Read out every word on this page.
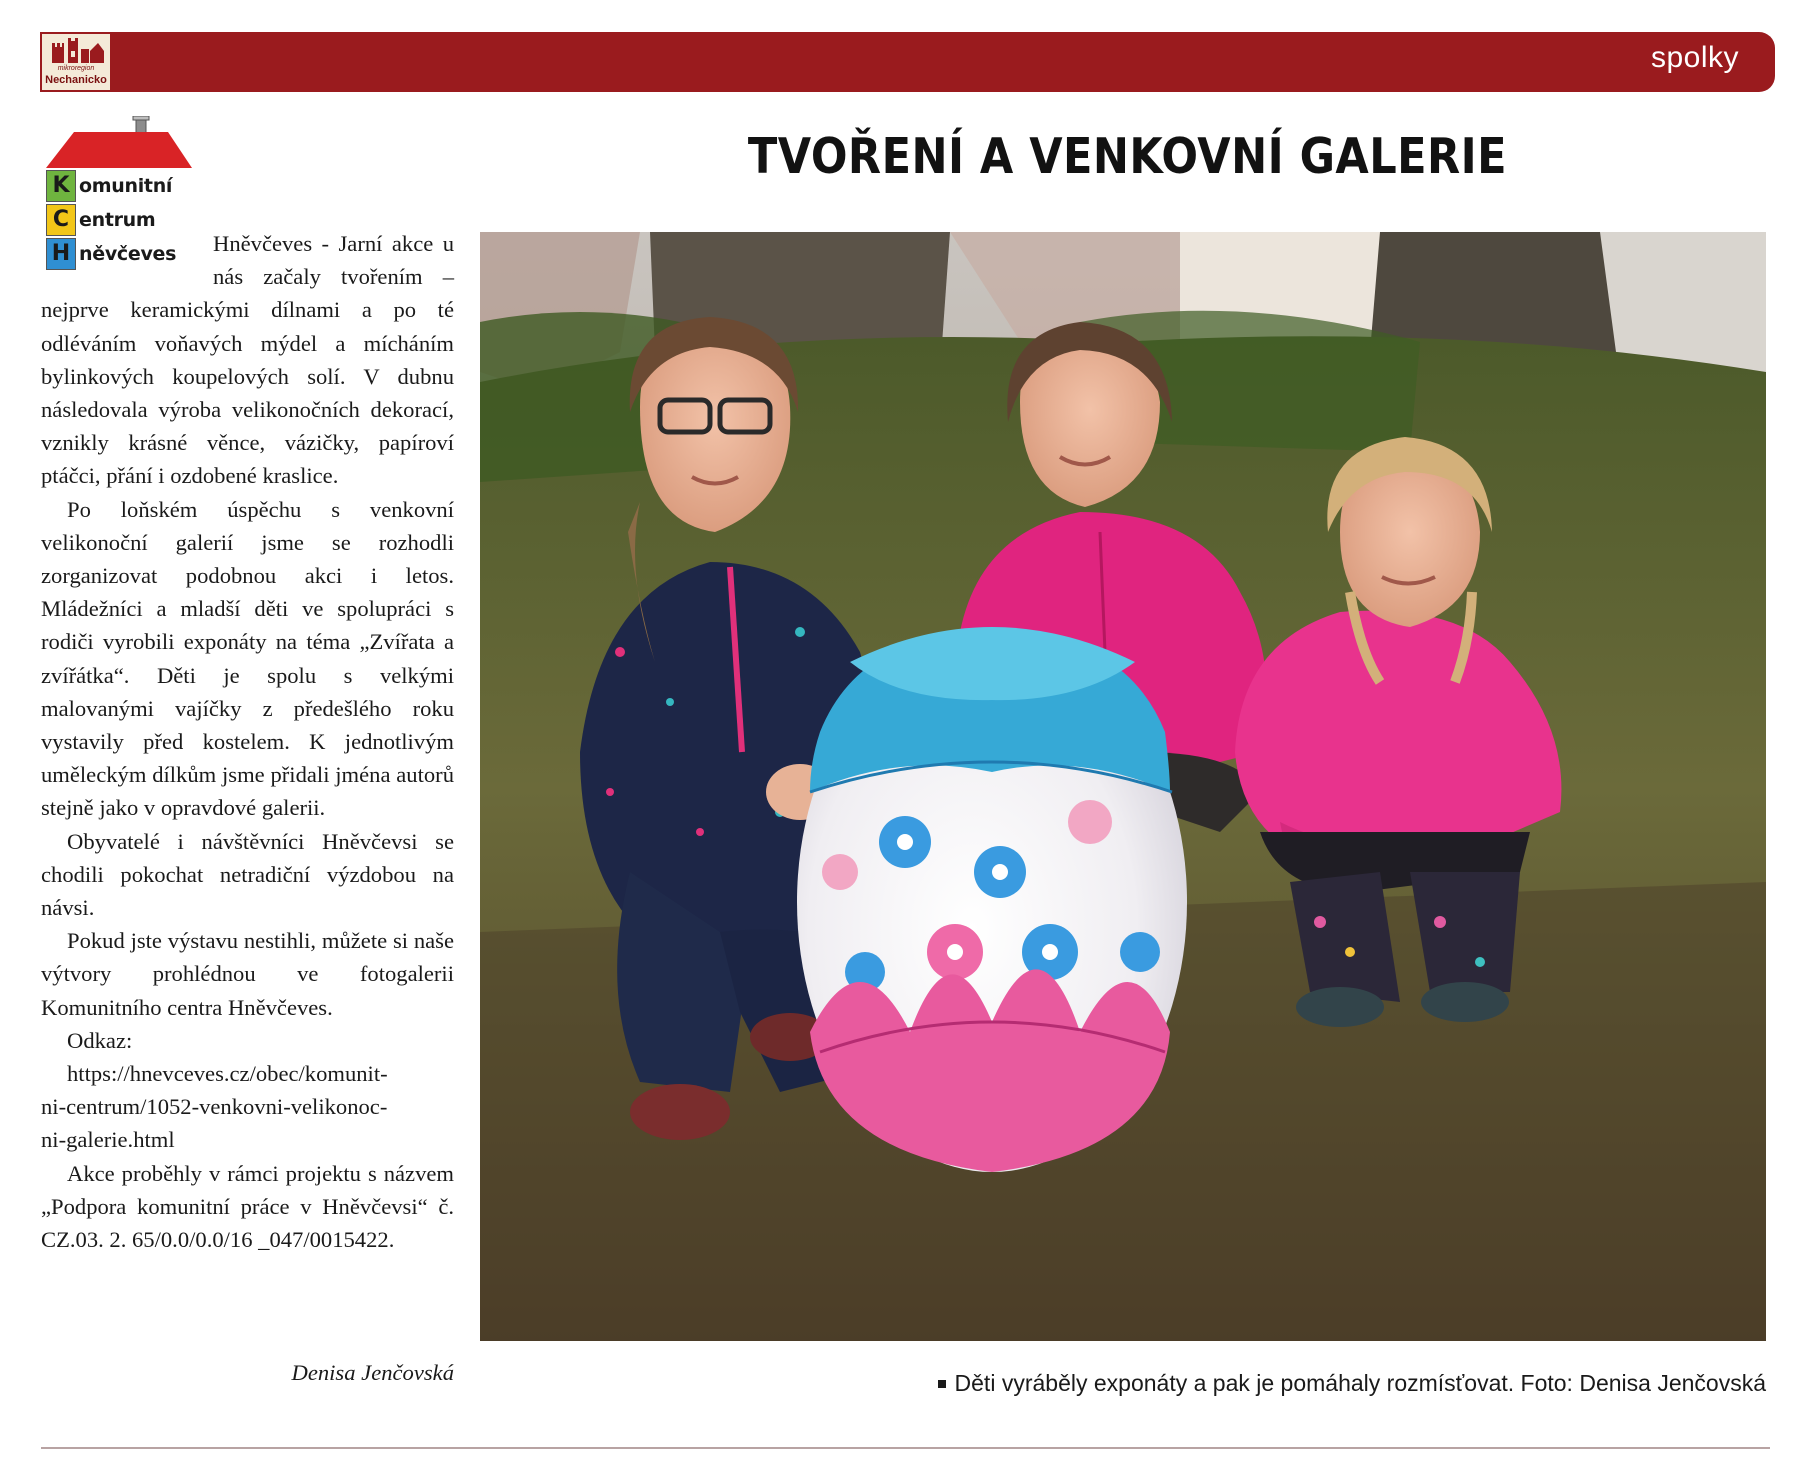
spolky
mikroregion
Nechanicko
TVOŘENÍ A VENKOVNÍ GALERIE
K omunitní
C entrum
H něvčeves	Hněvčeves - Jarní akce u nás začaly tvořením – nejprve keramickými dílnami a po té odléváním voňavých mýdel a mícháním bylinkových koupelových solí. V dubnu následovala výroba velikonočních dekorací, vznikly krásné věnce, vázičky, papíroví ptáčci, přání i ozdobené kraslice.

Po loňském úspěchu s venkovní velikonoční galerií jsme se rozhodli zorganizovat podobnou akci i letos. Mládežníci a mladší děti ve spolupráci s rodiči vyrobili exponáty na téma „Zvířata a zvířátka“. Děti je spolu s velkými malovanými vajíčky z předešlého roku vystavily před kostelem. K jednotlivým uměleckým dílkům jsme přidali jména autorů stejně jako v opravdové galerii.

Obyvatelé i návštěvníci Hněvčevsi se chodili pokochat netradiční výzdobou na návsi.

Pokud jste výstavu nestihli, můžete si naše výtvory prohlédnou ve fotogalerii Komunitního centra Hněvčeves.

Odkaz:

https://hnevceves.cz/obec/komunit-

ni-centrum/1052-venkovni-velikonoc-

ni-galerie.html

Akce proběhly v rámci projektu s názvem „Podpora komunitní práce v Hněvčevsi“ č. CZ.03. 2. 65/0.0/0.0/16 _047/0015422.

Denisa Jenčovská	Děti vyráběly exponáty a pak je pomáhaly rozmísťovat. Foto: Denisa Jenčovská
